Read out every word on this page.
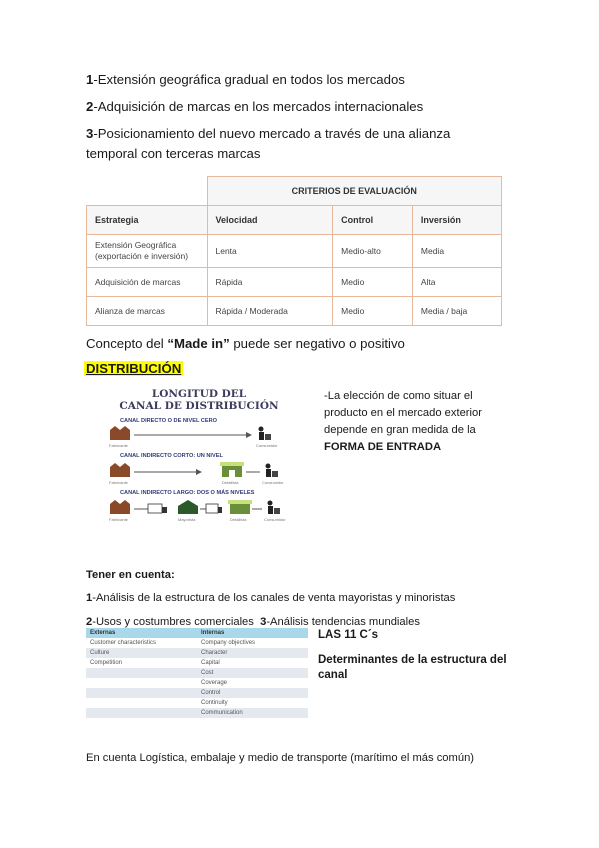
1-Extensión geográfica gradual en todos los mercados

2-Adquisición de marcas en los mercados internacionales

3-Posicionamiento del nuevo mercado a través de una alianza

temporal con terceras marcas

	CRITERIOS DE EVALUACIÓN		
Estrategia	Velocidad	Control	Inversión
Extensión Geográfica (exportación e inversión)	Lenta	Medio-alto	Media
Adquisición de marcas	Rápida	Medio	Alta
Alianza de marcas	Rápida / Moderada	Medio	Media / baja

Concepto del “Made in” puede ser negativo o positivo

DISTRIBUCIÓN
LONGITUD DEL
CANAL DE DISTRIBUCIÓN
CANAL DIRECTO O DE NIVEL CERO
Fabricante	Consumidor
CANAL INDIRECTO CORTO: UN NIVEL
Fabricante	Detallista	Consumidor
CANAL INDIRECTO LARGO: DOS O MÁS NIVELES
Fabricante	Mayorista	Detallista	Consumidor
-La elección de como situar el
producto en el mercado exterior
depende en gran medida de la
FORMA DE ENTRADA

Tener en cuenta:

1-Análisis de la estructura de los canales de venta mayoristas y minoristas

2-Usos y costumbres comerciales  3-Análisis tendencias mundiales

Externas	Internas
Customer characteristics	Company objectives
Culture	Character
Competition	Capital
	Cost
	Coverage
	Control
	Continuity
	Communication
LAS 11 C´s
Determinantes de la estructura del
canal

En cuenta Logística, embalaje y medio de transporte (marítimo el más común)
